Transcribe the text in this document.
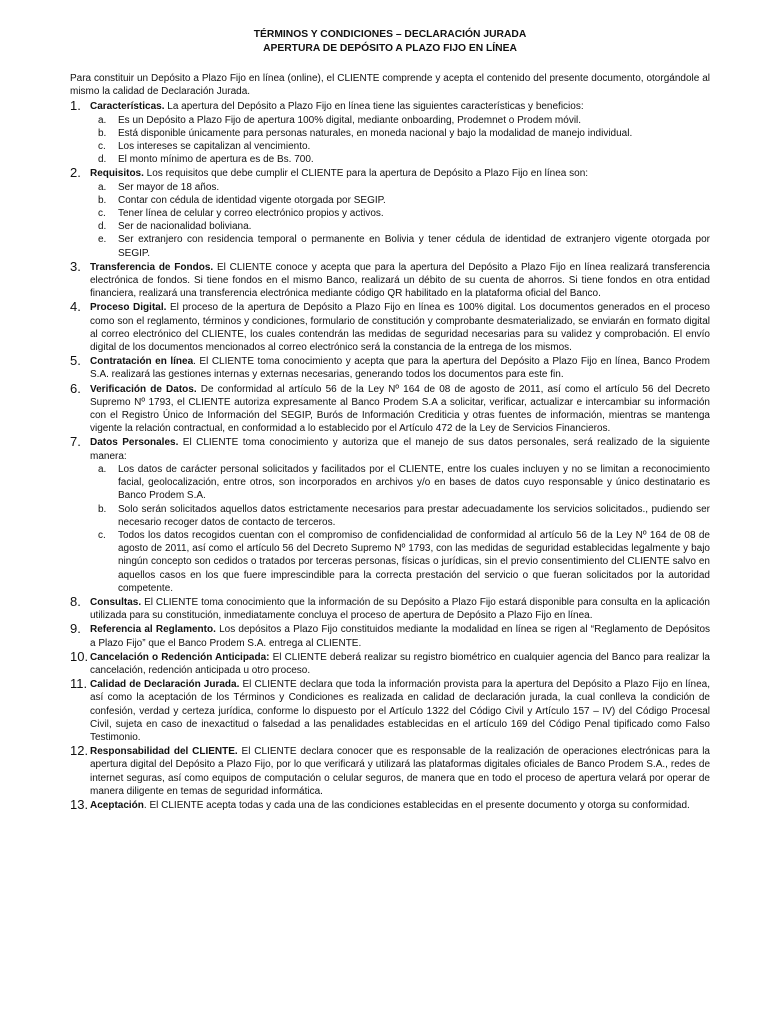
TÉRMINOS Y CONDICIONES – DECLARACIÓN JURADA
APERTURA DE DEPÓSITO A PLAZO FIJO EN LÍNEA
Para constituir un Depósito a Plazo Fijo en línea (online), el CLIENTE comprende y acepta el contenido del presente documento, otorgándole al mismo la calidad de Declaración Jurada.
1. Características. La apertura del Depósito a Plazo Fijo en línea tiene las siguientes características y beneficios:
a. Es un Depósito a Plazo Fijo de apertura 100% digital, mediante onboarding, Prodemnet o Prodem móvil.
b. Está disponible únicamente para personas naturales, en moneda nacional y bajo la modalidad de manejo individual.
c. Los intereses se capitalizan al vencimiento.
d. El monto mínimo de apertura es de Bs. 700.
2. Requisitos. Los requisitos que debe cumplir el CLIENTE para la apertura de Depósito a Plazo Fijo en línea son:
a. Ser mayor de 18 años.
b. Contar con cédula de identidad vigente otorgada por SEGIP.
c. Tener línea de celular y correo electrónico propios y activos.
d. Ser de nacionalidad boliviana.
e. Ser extranjero con residencia temporal o permanente en Bolivia y tener cédula de identidad de extranjero vigente otorgada por SEGIP.
3. Transferencia de Fondos. El CLIENTE conoce y acepta que para la apertura del Depósito a Plazo Fijo en línea realizará transferencia electrónica de fondos. Si tiene fondos en el mismo Banco, realizará un débito de su cuenta de ahorros. Si tiene fondos en otra entidad financiera, realizará una transferencia electrónica mediante código QR habilitado en la plataforma oficial del Banco.
4. Proceso Digital. El proceso de la apertura de Depósito a Plazo Fijo en línea es 100% digital. Los documentos generados en el proceso como son el reglamento, términos y condiciones, formulario de constitución y comprobante desmaterializado, se enviarán en formato digital al correo electrónico del CLIENTE, los cuales contendrán las medidas de seguridad necesarias para su validez y comprobación. El envío digital de los documentos mencionados al correo electrónico será la constancia de la entrega de los mismos.
5. Contratación en línea. El CLIENTE toma conocimiento y acepta que para la apertura del Depósito a Plazo Fijo en línea, Banco Prodem S.A. realizará las gestiones internas y externas necesarias, generando todos los documentos para este fin.
6. Verificación de Datos. De conformidad al artículo 56 de la Ley Nº 164 de 08 de agosto de 2011, así como el artículo 56 del Decreto Supremo Nº 1793, el CLIENTE autoriza expresamente al Banco Prodem S.A a solicitar, verificar, actualizar e intercambiar su información con el Registro Único de Información del SEGIP, Burós de Información Crediticia y otras fuentes de información, mientras se mantenga vigente la relación contractual, en conformidad a lo establecido por el Artículo 472 de la Ley de Servicios Financieros.
7. Datos Personales. El CLIENTE toma conocimiento y autoriza que el manejo de sus datos personales, será realizado de la siguiente manera:
a. Los datos de carácter personal solicitados y facilitados por el CLIENTE, entre los cuales incluyen y no se limitan a reconocimiento facial, geolocalización, entre otros, son incorporados en archivos y/o en bases de datos cuyo responsable y único destinatario es Banco Prodem S.A.
b. Solo serán solicitados aquellos datos estrictamente necesarios para prestar adecuadamente los servicios solicitados., pudiendo ser necesario recoger datos de contacto de terceros.
c. Todos los datos recogidos cuentan con el compromiso de confidencialidad de conformidad al artículo 56 de la Ley Nº 164 de 08 de agosto de 2011, así como el artículo 56 del Decreto Supremo Nº 1793, con las medidas de seguridad establecidas legalmente y bajo ningún concepto son cedidos o tratados por terceras personas, físicas o jurídicas, sin el previo consentimiento del CLIENTE salvo en aquellos casos en los que fuere imprescindible para la correcta prestación del servicio o que fueran solicitados por la autoridad competente.
8. Consultas. El CLIENTE toma conocimiento que la información de su Depósito a Plazo Fijo estará disponible para consulta en la aplicación utilizada para su constitución, inmediatamente concluya el proceso de apertura de Depósito a Plazo Fijo en línea.
9. Referencia al Reglamento. Los depósitos a Plazo Fijo constituidos mediante la modalidad en línea se rigen al “Reglamento de Depósitos a Plazo Fijo” que el Banco Prodem S.A. entrega al CLIENTE.
10. Cancelación o Redención Anticipada: El CLIENTE deberá realizar su registro biométrico en cualquier agencia del Banco para realizar la cancelación, redención anticipada u otro proceso.
11. Calidad de Declaración Jurada. El CLIENTE declara que toda la información provista para la apertura del Depósito a Plazo Fijo en línea, así como la aceptación de los Términos y Condiciones es realizada en calidad de declaración jurada, la cual conlleva la condición de confesión, verdad y certeza jurídica, conforme lo dispuesto por el Artículo 1322 del Código Civil y Artículo 157 – IV) del Código Procesal Civil, sujeta en caso de inexactitud o falsedad a las penalidades establecidas en el artículo 169 del Código Penal tipificado como Falso Testimonio.
12. Responsabilidad del CLIENTE. El CLIENTE declara conocer que es responsable de la realización de operaciones electrónicas para la apertura digital del Depósito a Plazo Fijo, por lo que verificará y utilizará las plataformas digitales oficiales de Banco Prodem S.A., redes de internet seguras, así como equipos de computación o celular seguros, de manera que en todo el proceso de apertura velará por operar de manera diligente en temas de seguridad informática.
13. Aceptación. El CLIENTE acepta todas y cada una de las condiciones establecidas en el presente documento y otorga su conformidad.
